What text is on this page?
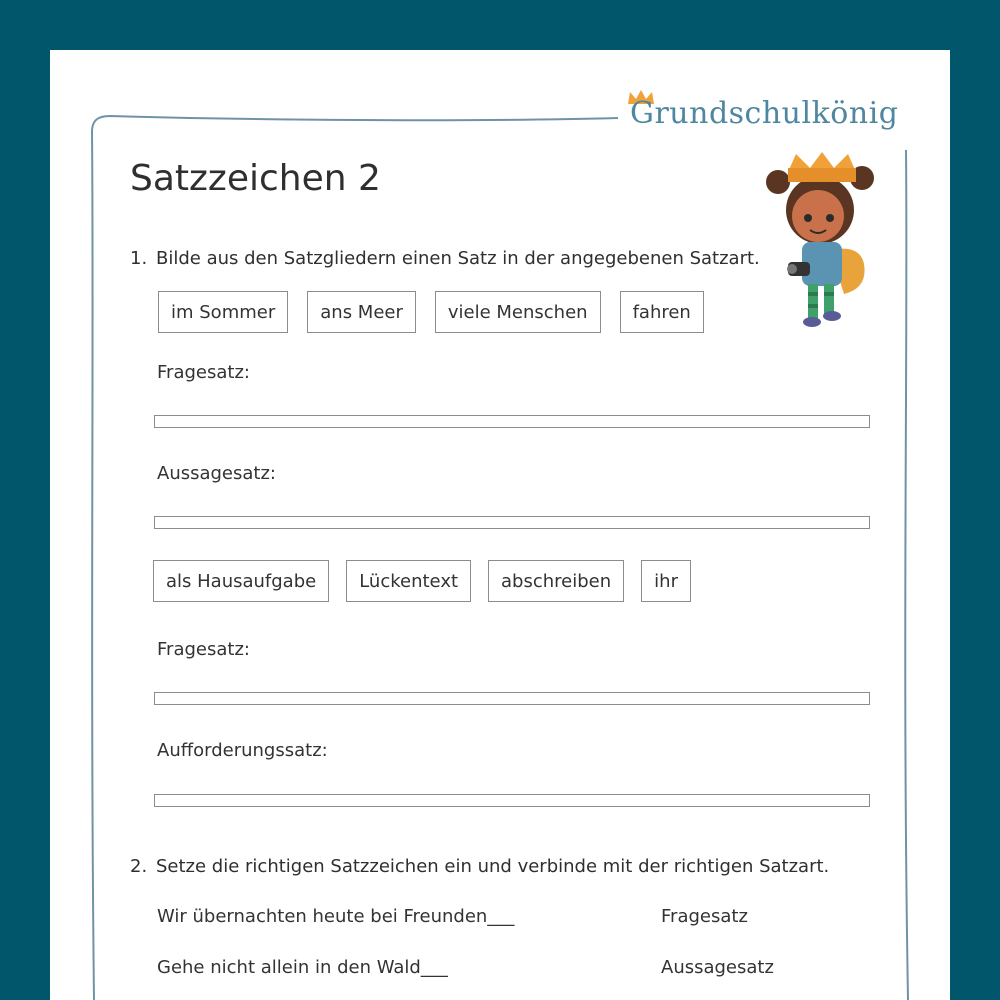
Grundschulkönig
Satzzeichen 2
1. Bilde aus den Satzgliedern einen Satz in der angegebenen Satzart.
im Sommer	ans Meer	viele Menschen	fahren
Fragesatz:
Aussagesatz:
als Hausaufgabe	Lückentext	abschreiben	ihr
Fragesatz:
Aufforderungssatz:
2. Setze die richtigen Satzzeichen ein und verbinde mit der richtigen Satzart.
Wir übernachten heute bei Freunden___	Fragesatz
Gehe nicht allein in den Wald___	Aussagesatz
